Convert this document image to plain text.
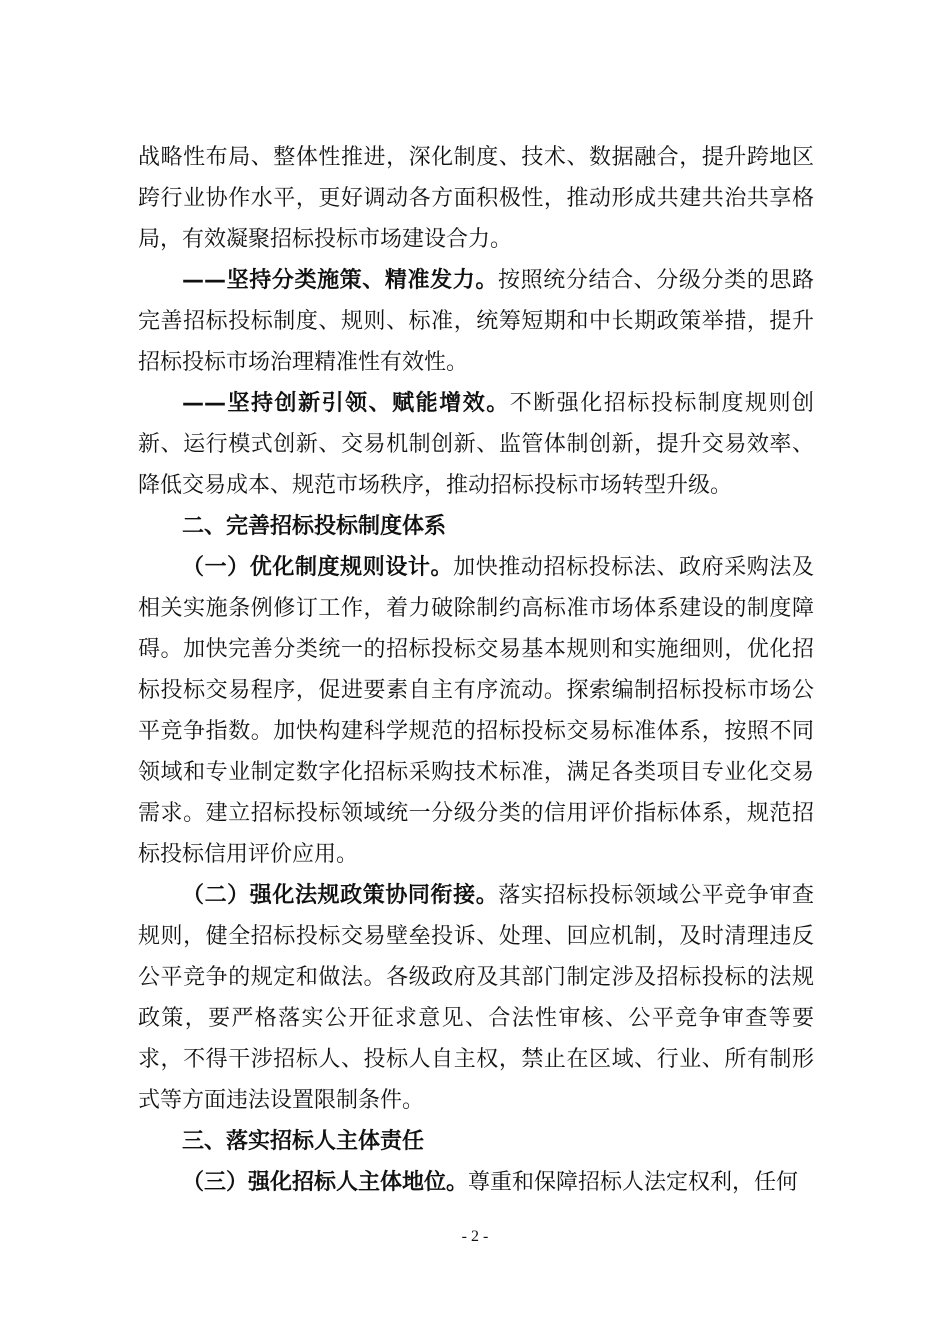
战略性布局、整体性推进，深化制度、技术、数据融合，提升跨地区跨行业协作水平，更好调动各方面积极性，推动形成共建共治共享格局，有效凝聚招标投标市场建设合力。

——坚持分类施策、精准发力。按照统分结合、分级分类的思路完善招标投标制度、规则、标准，统筹短期和中长期政策举措，提升招标投标市场治理精准性有效性。

——坚持创新引领、赋能增效。不断强化招标投标制度规则创新、运行模式创新、交易机制创新、监管体制创新，提升交易效率、降低交易成本、规范市场秩序，推动招标投标市场转型升级。

二、完善招标投标制度体系

（一）优化制度规则设计。加快推动招标投标法、政府采购法及相关实施条例修订工作，着力破除制约高标准市场体系建设的制度障碍。加快完善分类统一的招标投标交易基本规则和实施细则，优化招标投标交易程序，促进要素自主有序流动。探索编制招标投标市场公平竞争指数。加快构建科学规范的招标投标交易标准体系，按照不同领域和专业制定数字化招标采购技术标准，满足各类项目专业化交易需求。建立招标投标领域统一分级分类的信用评价指标体系，规范招标投标信用评价应用。

（二）强化法规政策协同衔接。落实招标投标领域公平竞争审查规则，健全招标投标交易壁垒投诉、处理、回应机制，及时清理违反公平竞争的规定和做法。各级政府及其部门制定涉及招标投标的法规政策，要严格落实公开征求意见、合法性审核、公平竞争审查等要求，不得干涉招标人、投标人自主权，禁止在区域、行业、所有制形式等方面违法设置限制条件。

三、落实招标人主体责任

（三）强化招标人主体地位。尊重和保障招标人法定权利，任何

- 2 -
